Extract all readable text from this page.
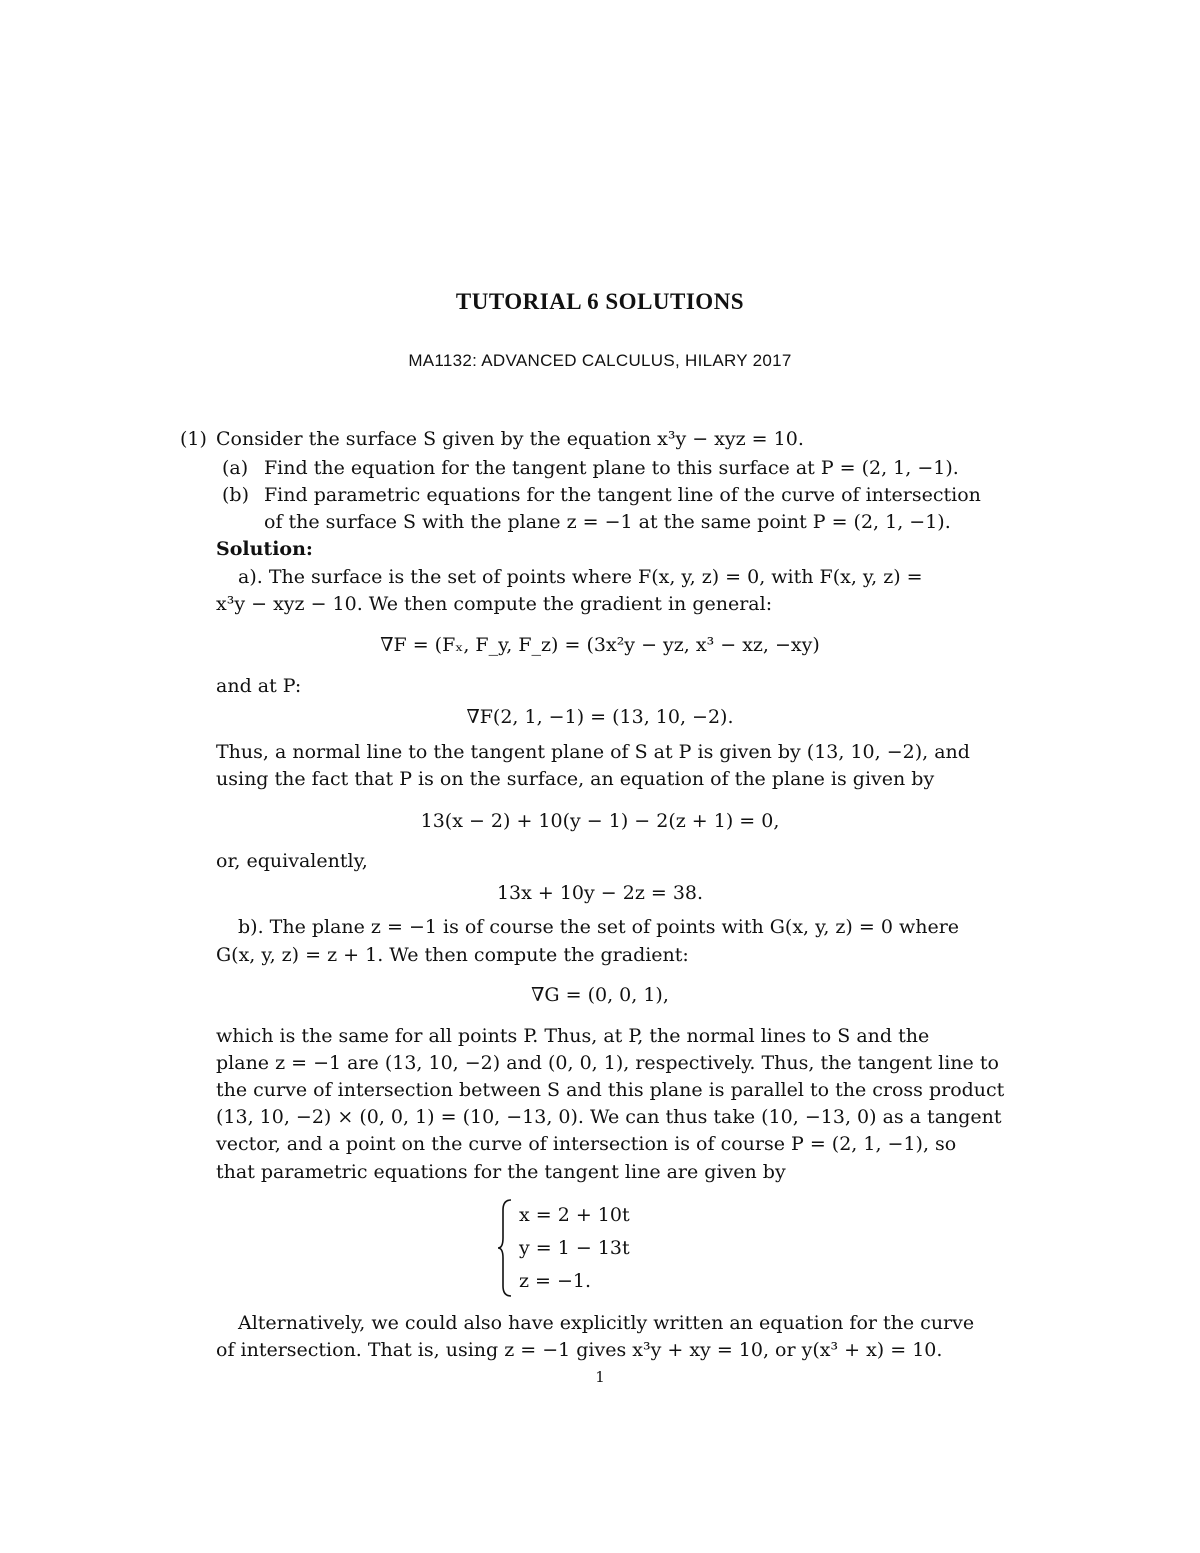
TUTORIAL 6 SOLUTIONS
MA1132: ADVANCED CALCULUS, HILARY 2017
(1) Consider the surface S given by the equation x³y − xyz = 10.
(a) Find the equation for the tangent plane to this surface at P = (2, 1, −1).
(b) Find parametric equations for the tangent line of the curve of intersection
of the surface S with the plane z = −1 at the same point P = (2, 1, −1).
Solution:
a). The surface is the set of points where F(x, y, z) = 0, with F(x, y, z) =
x³y − xyz − 10. We then compute the gradient in general:
∇F = (Fₓ, F_y, F_z) = (3x²y − yz, x³ − xz, −xy)
and at P:
∇F(2, 1, −1) = (13, 10, −2).
Thus, a normal line to the tangent plane of S at P is given by (13, 10, −2), and
using the fact that P is on the surface, an equation of the plane is given by
13(x − 2) + 10(y − 1) − 2(z + 1) = 0,
or, equivalently,
13x + 10y − 2z = 38.
b). The plane z = −1 is of course the set of points with G(x, y, z) = 0 where
G(x, y, z) = z + 1. We then compute the gradient:
∇G = (0, 0, 1),
which is the same for all points P. Thus, at P, the normal lines to S and the
plane z = −1 are (13, 10, −2) and (0, 0, 1), respectively. Thus, the tangent line to
the curve of intersection between S and this plane is parallel to the cross product
(13, 10, −2) × (0, 0, 1) = (10, −13, 0). We can thus take (10, −13, 0) as a tangent
vector, and a point on the curve of intersection is of course P = (2, 1, −1), so
that parametric equations for the tangent line are given by
x = 2 + 10t
y = 1 − 13t
z = −1.
Alternatively, we could also have explicitly written an equation for the curve
of intersection. That is, using z = −1 gives x³y + xy = 10, or y(x³ + x) = 10.
1
